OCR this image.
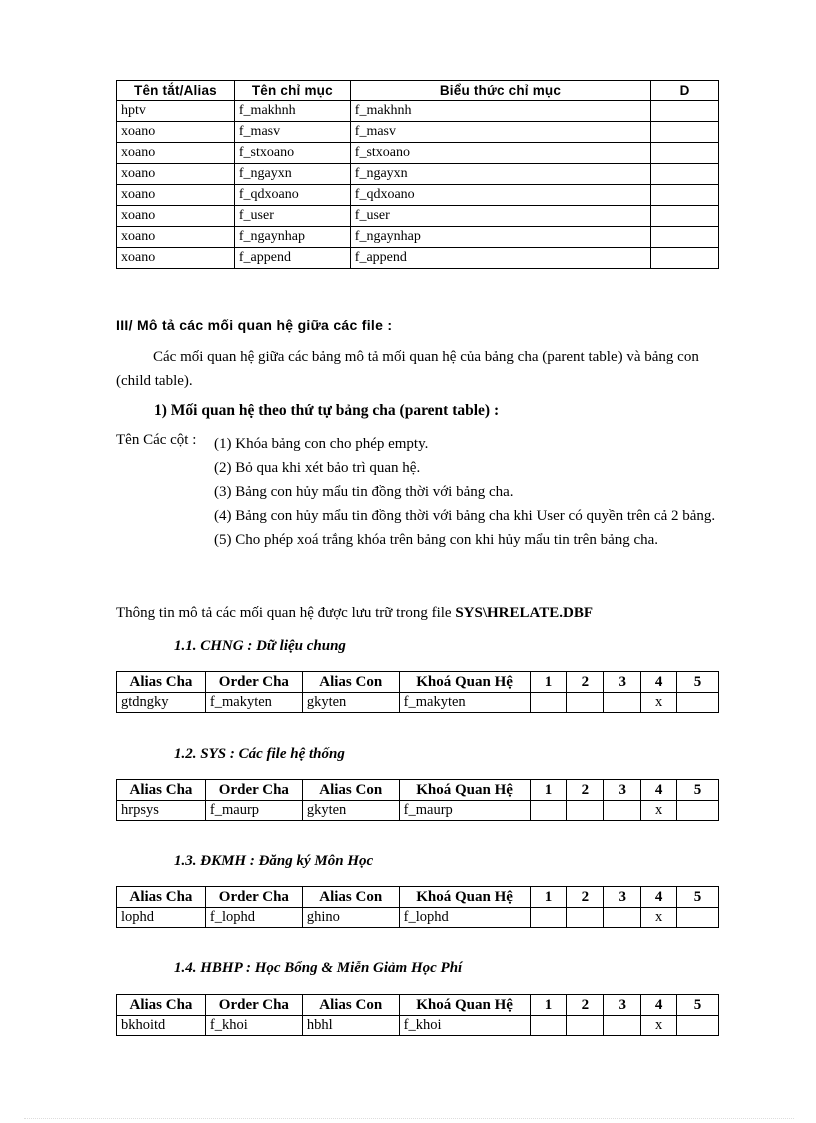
Tên tắt/Alias	Tên chỉ mục	Biểu thức chỉ mục	D
hptv	f_makhnh	f_makhnh	
xoano	f_masv	f_masv	
xoano	f_stxoano	f_stxoano	
xoano	f_ngayxn	f_ngayxn	
xoano	f_qdxoano	f_qdxoano	
xoano	f_user	f_user	
xoano	f_ngaynhap	f_ngaynhap	
xoano	f_append	f_append	
III/ Mô tả các mối quan hệ giữa các file :
Các mối quan hệ giữa các bảng mô tả mối quan hệ của bảng cha (parent table) và bảng con (child table).
1) Mối quan hệ theo thứ tự bảng cha (parent table) :
Tên Các cột : (1) Khóa bảng con cho phép empty.
(2) Bỏ qua khi xét bảo trì quan hệ.
(3) Bảng con hủy mẩu tin đồng thời với bảng cha.
(4) Bảng con hủy mẩu tin đồng thời với bảng cha khi User có quyền trên cả 2 bảng.
(5) Cho phép xoá trắng khóa trên bảng con khi hủy mẩu tin trên bảng cha.
Thông tin mô tả các mối quan hệ được lưu trữ trong file SYS\HRELATE.DBF
1.1. CHNG : Dữ liệu chung
Alias Cha	Order Cha	Alias Con	Khoá Quan Hệ	1	2	3	4	5
gtdngky	f_makyten	gkyten	f_makyten				x	
1.2. SYS : Các file hệ thống
Alias Cha	Order Cha	Alias Con	Khoá Quan Hệ	1	2	3	4	5
hrpsys	f_maurp	gkyten	f_maurp				x	
1.3. ĐKMH : Đăng ký Môn Học
Alias Cha	Order Cha	Alias Con	Khoá Quan Hệ	1	2	3	4	5
lophd	f_lophd	ghino	f_lophd				x	
1.4. HBHP : Học Bổng & Miễn Giảm Học Phí
Alias Cha	Order Cha	Alias Con	Khoá Quan Hệ	1	2	3	4	5
bkhoitd	f_khoi	hbhl	f_khoi				x	
